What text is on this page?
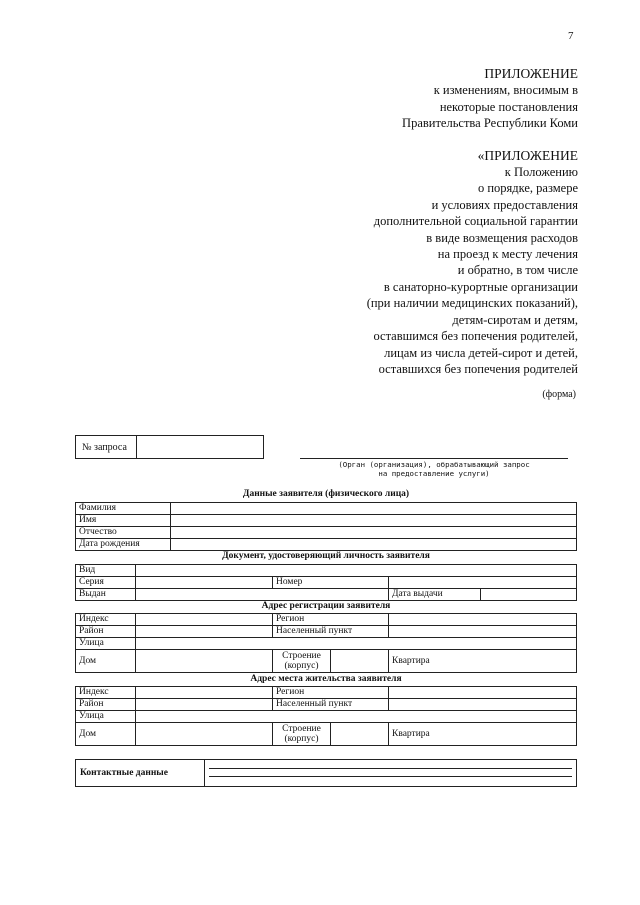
7
ПРИЛОЖЕНИЕ
к изменениям, вносимым в
некоторые постановления
Правительства Республики Коми
«ПРИЛОЖЕНИЕ
к Положению
о порядке, размере
и условиях предоставления
дополнительной социальной гарантии
в виде возмещения расходов
на проезд к месту лечения
и обратно, в том числе
в санаторно-курортные организации
(при наличии медицинских показаний),
детям-сиротам и детям,
оставшимся без попечения родителей,
лицам из числа детей-сирот и детей,
оставшихся без попечения родителей
(форма)
№ запроса	
(Орган (организация), обрабатывающий запрос
на предоставление услуги)
Данные заявителя (физического лица)
Фамилия	
Имя	
Отчество	
Дата рождения	
Документ, удостоверяющий личность заявителя
Вид				
Серия		Номер		
Выдан			Дата выдачи	
Адрес регистрации заявителя
Индекс		Регион		
Район		Населенный пункт		
Улица				
Дом		Строение (корпус)		Квартира
Адрес места жительства заявителя
Индекс		Регион		
Район		Населенный пункт		
Улица				
Дом		Строение (корпус)		Квартира
Контактные данные	
